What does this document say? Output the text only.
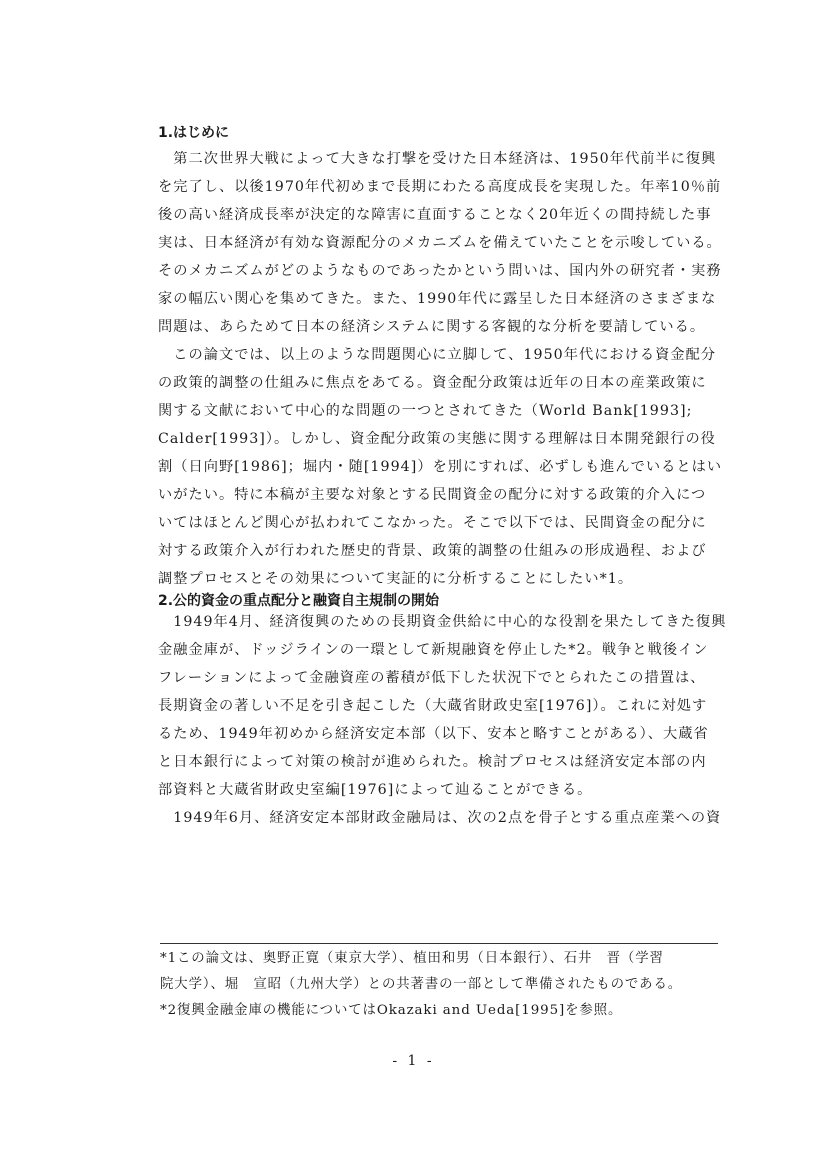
1.はじめに
　第二次世界大戦によって大きな打撃を受けた日本経済は、1950年代前半に復興
を完了し、以後1970年代初めまで長期にわたる高度成長を実現した。年率10％前
後の高い経済成長率が決定的な障害に直面することなく20年近くの間持続した事
実は、日本経済が有効な資源配分のメカニズムを備えていたことを示唆している。
そのメカニズムがどのようなものであったかという問いは、国内外の研究者・実務
家の幅広い関心を集めてきた。また、1990年代に露呈した日本経済のさまざまな
問題は、あらためて日本の経済システムに関する客観的な分析を要請している。
　この論文では、以上のような問題関心に立脚して、1950年代における資金配分
の政策的調整の仕組みに焦点をあてる。資金配分政策は近年の日本の産業政策に
関する文献において中心的な問題の一つとされてきた（World Bank[1993];
Calder[1993]）。しかし、資金配分政策の実態に関する理解は日本開発銀行の役
割（日向野[1986]；堀内・随[1994]）を別にすれば、必ずしも進んでいるとはい
いがたい。特に本稿が主要な対象とする民間資金の配分に対する政策的介入につ
いてはほとんど関心が払われてこなかった。そこで以下では、民間資金の配分に
対する政策介入が行われた歴史的背景、政策的調整の仕組みの形成過程、および
調整プロセスとその効果について実証的に分析することにしたい*1。
2.公的資金の重点配分と融資自主規制の開始
　1949年4月、経済復興のための長期資金供給に中心的な役割を果たしてきた復興
金融金庫が、ドッジラインの一環として新規融資を停止した*2。戦争と戦後イン
フレーションによって金融資産の蓄積が低下した状況下でとられたこの措置は、
長期資金の著しい不足を引き起こした（大蔵省財政史室[1976]）。これに対処す
るため、1949年初めから経済安定本部（以下、安本と略すことがある）、大蔵省
と日本銀行によって対策の検討が進められた。検討プロセスは経済安定本部の内
部資料と大蔵省財政史室編[1976]によって辿ることができる。
　1949年6月、経済安定本部財政金融局は、次の2点を骨子とする重点産業への資
*1この論文は、奥野正寛（東京大学）、植田和男（日本銀行）、石井　晋（学習
院大学）、堀　宣昭（九州大学）との共著書の一部として準備されたものである。
*2復興金融金庫の機能についてはOkazaki and Ueda[1995]を参照。
- 1 -
